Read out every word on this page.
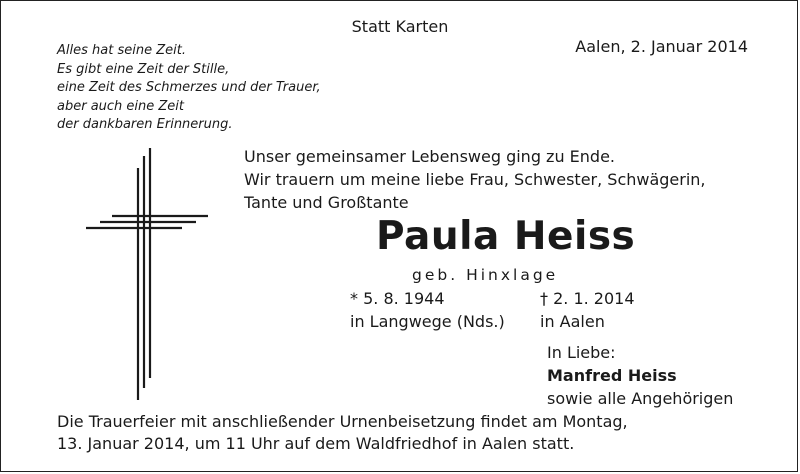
Statt Karten
Aalen, 2. Januar 2014
Alles hat seine Zeit.
Es gibt eine Zeit der Stille,
eine Zeit des Schmerzes und der Trauer,
aber auch eine Zeit
der dankbaren Erinnerung.
Unser gemeinsamer Lebensweg ging zu Ende.
Wir trauern um meine liebe Frau, Schwester, Schwägerin,
Tante und Großtante
Paula Heiss
geb. Hinxlage
* 5. 8. 1944
in Langwege (Nds.)
† 2. 1. 2014
in Aalen
In Liebe:
Manfred Heiss
sowie alle Angehörigen
Die Trauerfeier mit anschließender Urnenbeisetzung findet am Montag,
13. Januar 2014, um 11 Uhr auf dem Waldfriedhof in Aalen statt.
